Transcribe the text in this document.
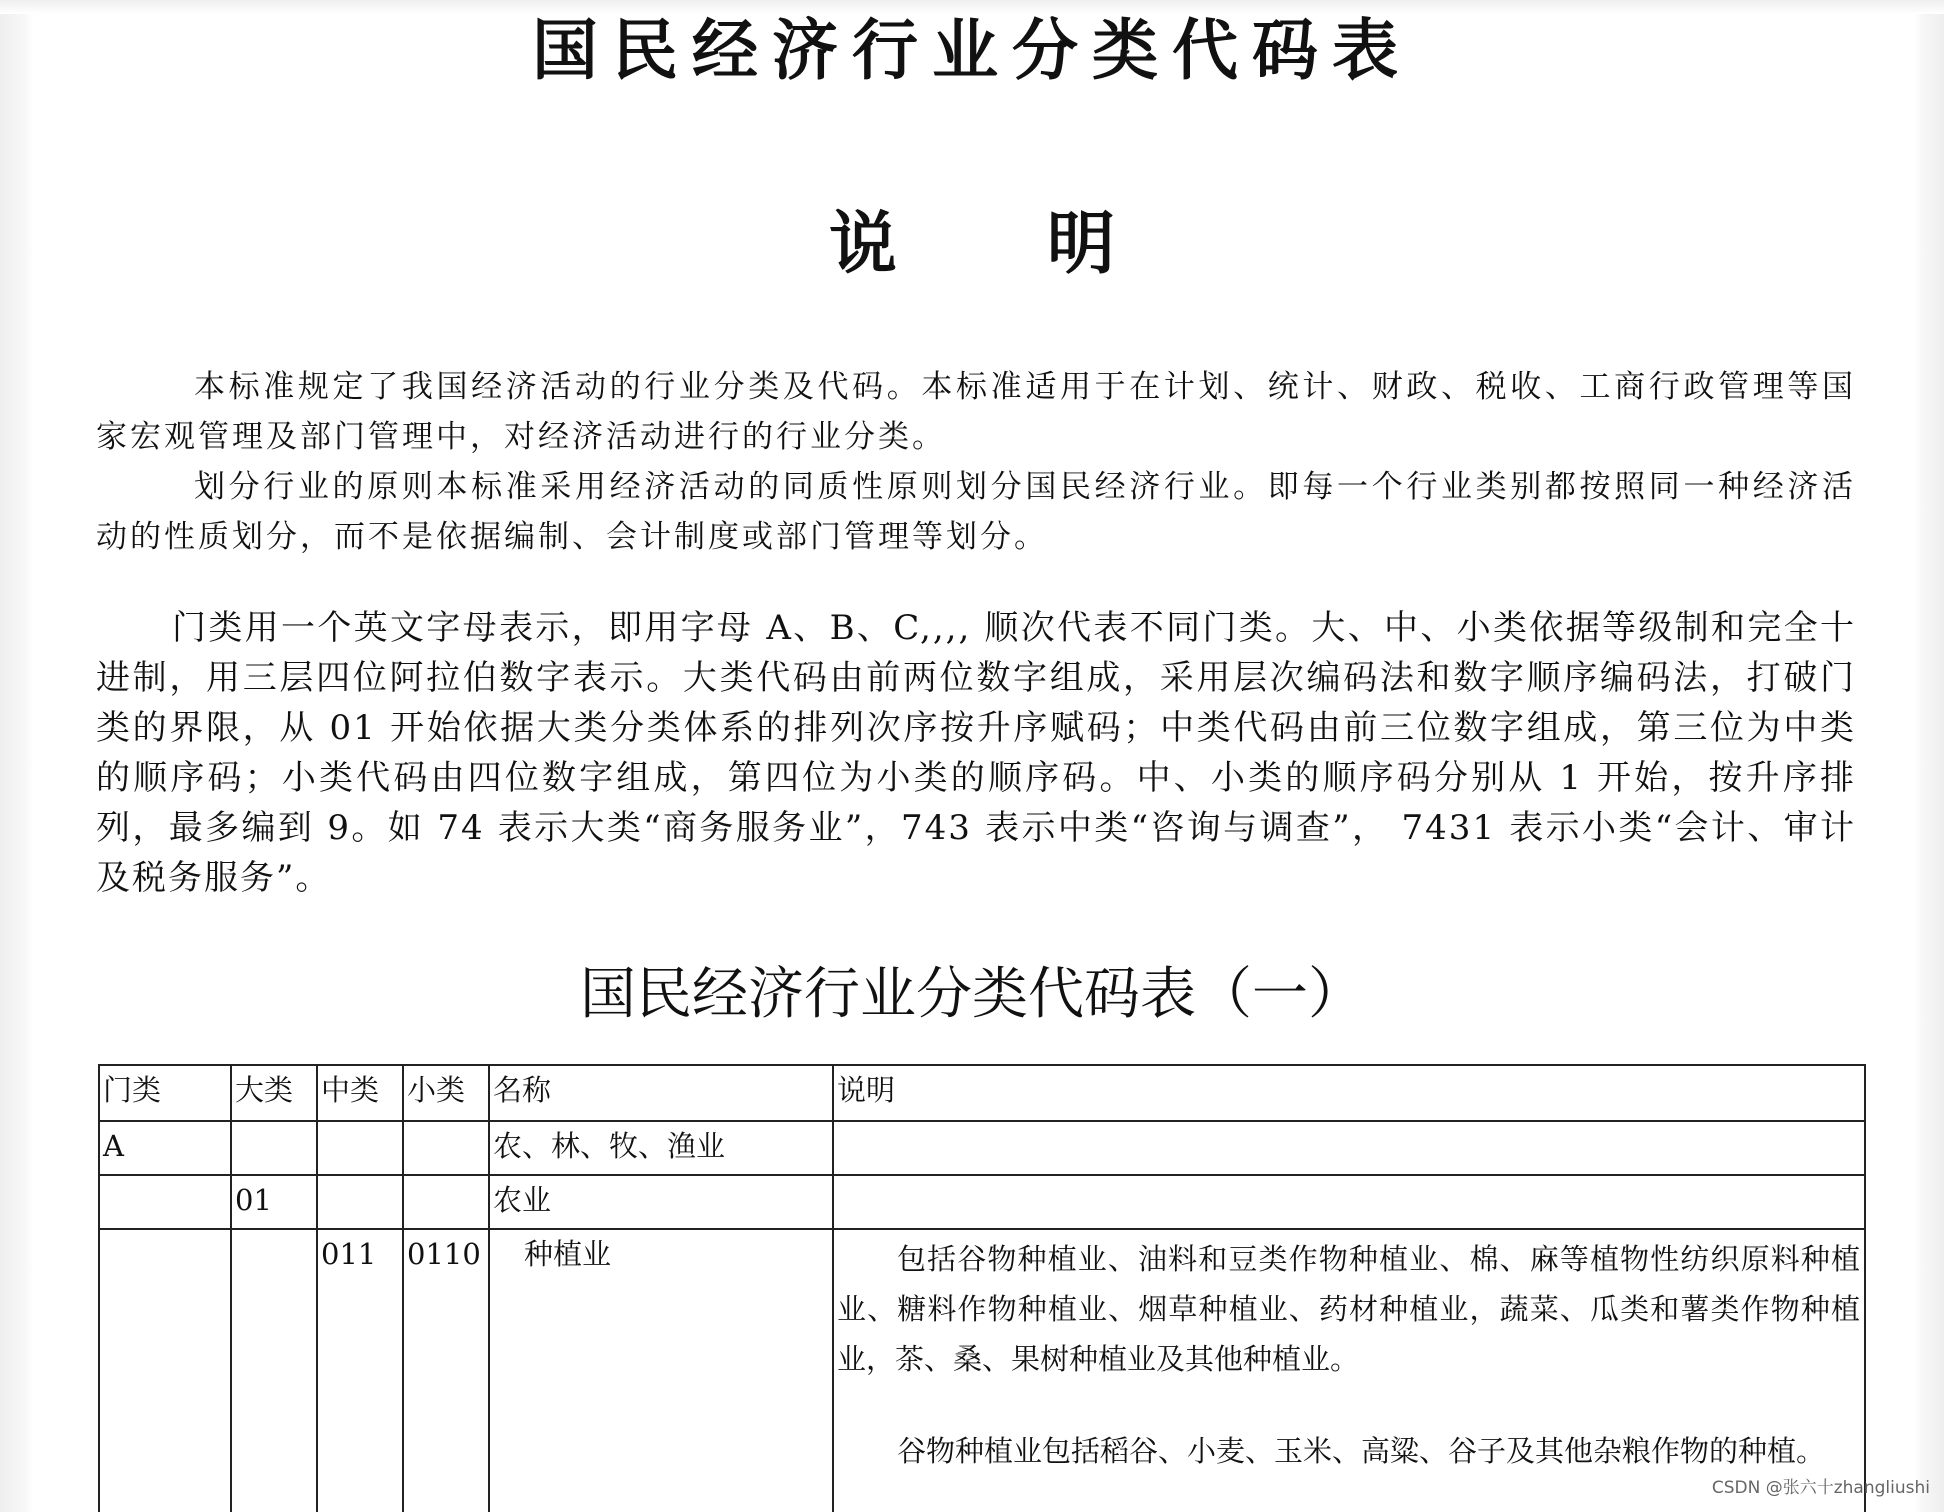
国民经济行业分类代码表
说 明

本标准规定了我国经济活动的行业分类及代码。本标准适用于在计划、统计、财政、税收、工商行政管理等国家宏观管理及部门管理中，对经济活动进行的行业分类。

划分行业的原则本标准采用经济活动的同质性原则划分国民经济行业。即每一个行业类别都按照同一种经济活动的性质划分，而不是依据编制、会计制度或部门管理等划分。

门类用一个英文字母表示，即用字母 A、B、C,,,, 顺次代表不同门类。大、中、小类依据等级制和完全十进制，用三层四位阿拉伯数字表示。大类代码由前两位数字组成，采用层次编码法和数字顺序编码法，打破门类的界限，从 01 开始依据大类分类体系的排列次序按升序赋码；中类代码由前三位数字组成，第三位为中类的顺序码；小类代码由四位数字组成，第四位为小类的顺序码。中、小类的顺序码分别从 1 开始，按升序排列，最多编到 9。如 74 表示大类“商务服务业”，743 表示中类“咨询与调查”， 7431 表示小类“会计、审计及税务服务”。

国民经济行业分类代码表（一）
门类	大类	中类	小类	名称	说明
A				农、林、牧、渔业	
	01			农业	
		011	0110	种植业	包括谷物种植业、油料和豆类作物种植业、棉、麻等植物性纺织原料种植业、糖料作物种植业、烟草种植业、药材种植业，蔬菜、瓜类和薯类作物种植业，茶、桑、果树种植业及其他种植业。

谷物种植业包括稻谷、小麦、玉米、高粱、谷子及其他杂粮作物的种植。

CSDN @张六十zhangliushi
